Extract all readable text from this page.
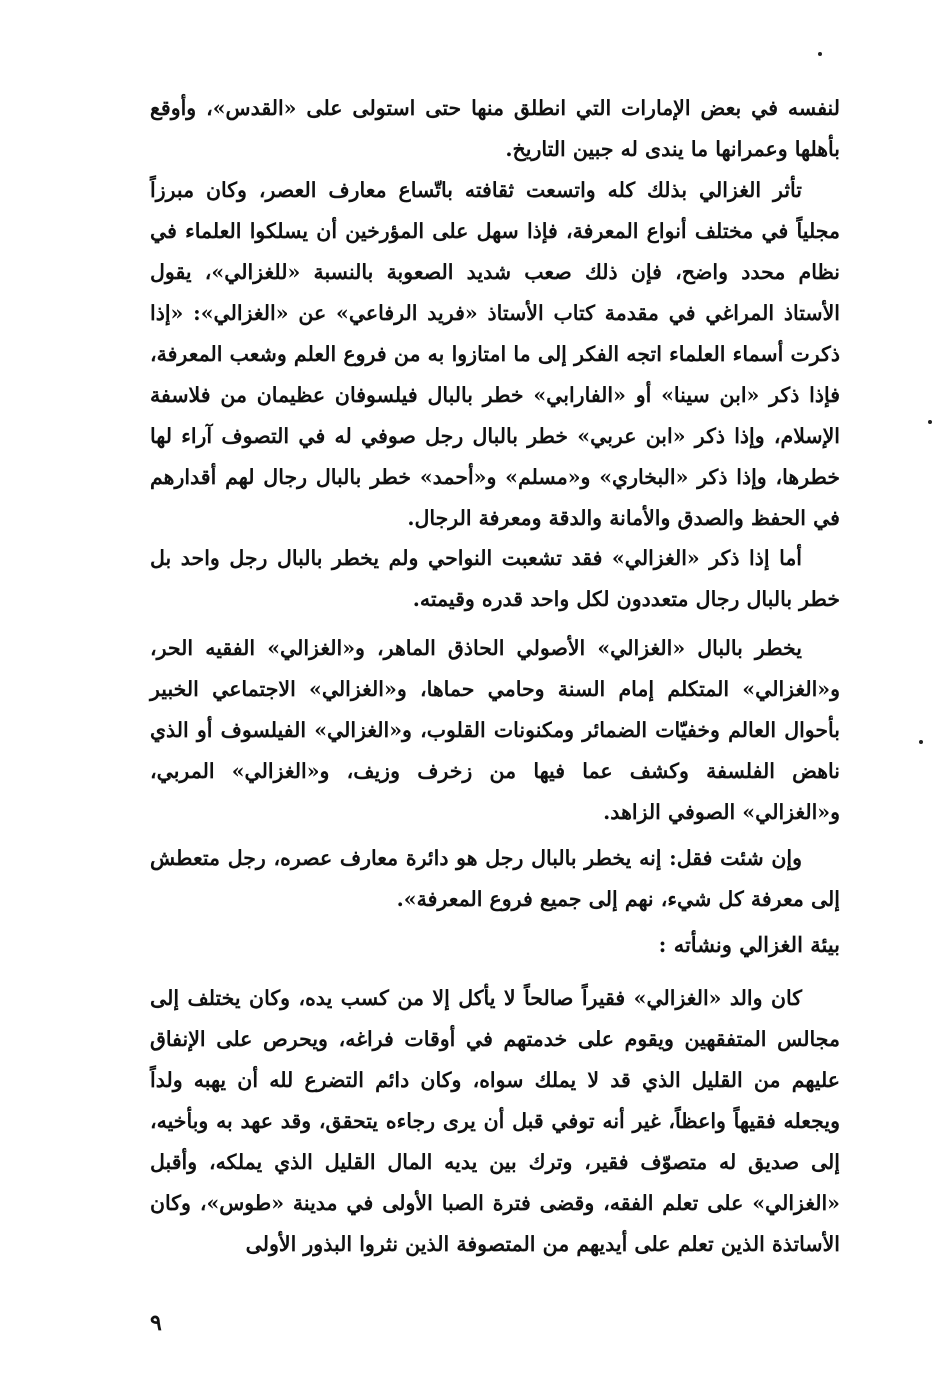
لنفسه في بعض الإمارات التي انطلق منها حتى استولى على «القدس»، وأوقع بأهلها وعمرانها ما يندى له جبين التاريخ.

تأثر الغزالي بذلك كله واتسعت ثقافته باتّساع معارف العصر، وكان مبرزاً مجلياً في مختلف أنواع المعرفة، فإذا سهل على المؤرخين أن يسلكوا العلماء في نظام محدد واضح، فإن ذلك صعب شديد الصعوبة بالنسبة «للغزالي»، يقول الأستاذ المراغي في مقدمة كتاب الأستاذ «فريد الرفاعي» عن «الغزالي»: «إذا ذكرت أسماء العلماء اتجه الفكر إلى ما امتازوا به من فروع العلم وشعب المعرفة، فإذا ذكر «ابن سينا» أو «الفارابي» خطر بالبال فيلسوفان عظيمان من فلاسفة الإسلام، وإذا ذكر «ابن عربي» خطر بالبال رجل صوفي له في التصوف آراء لها خطرها، وإذا ذكر «البخاري» و«مسلم» و«أحمد» خطر بالبال رجال لهم أقدارهم في الحفظ والصدق والأمانة والدقة ومعرفة الرجال.

أما إذا ذكر «الغزالي» فقد تشعبت النواحي ولم يخطر بالبال رجل واحد بل خطر بالبال رجال متعددون لكل واحد قدره وقيمته.

يخطر بالبال «الغزالي» الأصولي الحاذق الماهر، و«الغزالي» الفقيه الحر، و«الغزالي» المتكلم إمام السنة وحامي حماها، و«الغزالي» الاجتماعي الخبير بأحوال العالم وخفيّات الضمائر ومكنونات القلوب، و«الغزالي» الفيلسوف أو الذي ناهض الفلسفة وكشف عما فيها من زخرف وزيف، و«الغزالي» المربي، و«الغزالي» الصوفي الزاهد.

وإن شئت فقل: إنه يخطر بالبال رجل هو دائرة معارف عصره، رجل متعطش إلى معرفة كل شيء، نهم إلى جميع فروع المعرفة».

بيئة الغزالي ونشأته :

كان والد «الغزالي» فقيراً صالحاً لا يأكل إلا من كسب يده، وكان يختلف إلى مجالس المتفقهين ويقوم على خدمتهم في أوقات فراغه، ويحرص على الإنفاق عليهم من القليل الذي قد لا يملك سواه، وكان دائم التضرع لله أن يهبه ولداً ويجعله فقيهاً واعظاً، غير أنه توفي قبل أن يرى رجاءه يتحقق، وقد عهد به وبأخيه، إلى صديق له متصوّف فقير، وترك بين يديه المال القليل الذي يملكه، وأقبل «الغزالي» على تعلم الفقه، وقضى فترة الصبا الأولى في مدينة «طوس»، وكان الأساتذة الذين تعلم على أيديهم من المتصوفة الذين نثروا البذور الأولى

٩
